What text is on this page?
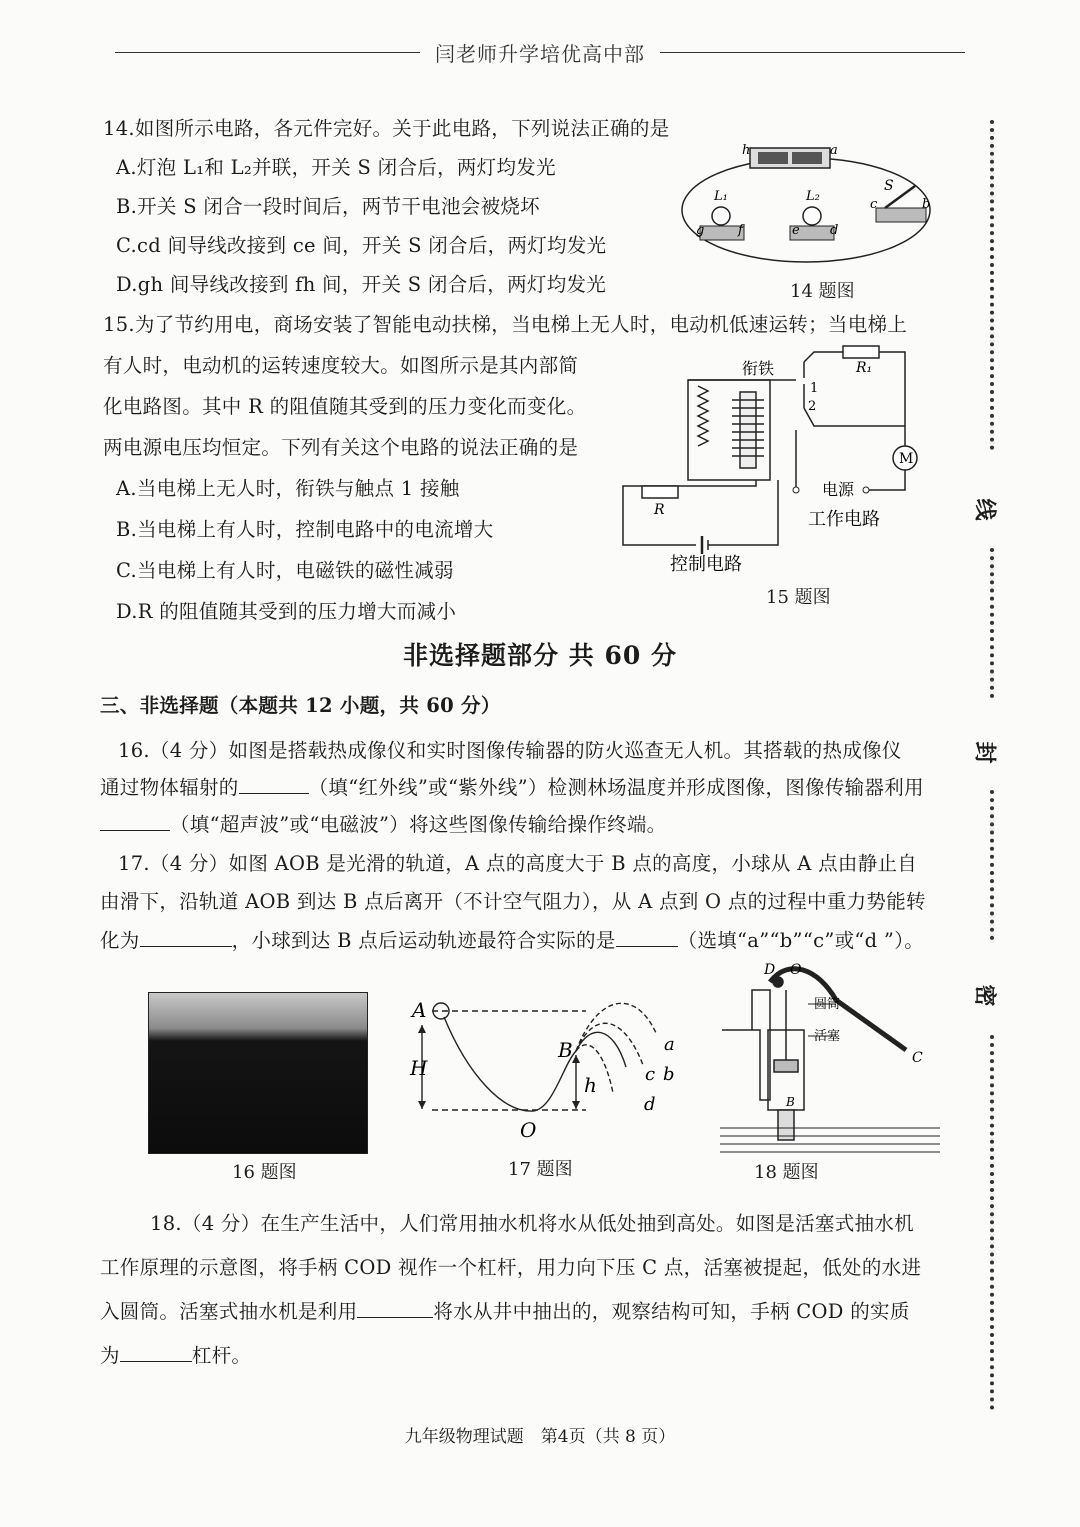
闫老师升学培优高中部
线
封
密
14.如图所示电路，各元件完好。关于此电路，下列说法正确的是
A.灯泡 L₁和 L₂并联，开关 S 闭合后，两灯均发光
B.开关 S 闭合一段时间后，两节干电池会被烧坏
C.cd 间导线改接到 ce 间，开关 S 闭合后，两灯均发光
D.gh 间导线改接到 fh 间，开关 S 闭合后，两灯均发光
h	a
L₁
g	f
L₂
e d
S
c	b
14 题图
15.为了节约用电，商场安装了智能电动扶梯，当电梯上无人时，电动机低速运转；当电梯上
有人时，电动机的运转速度较大。如图所示是其内部简
化电路图。其中 R 的阻值随其受到的压力变化而变化。
两电源电压均恒定。下列有关这个电路的说法正确的是
A.当电梯上无人时，衔铁与触点 1 接触
B.当电梯上有人时，控制电路中的电流增大
C.当电梯上有人时，电磁铁的磁性减弱
D.R 的阻值随其受到的压力增大而减小
衔铁	R₁
1
2
M
电源
工作电路
R
控制电路
15 题图
非选择题部分 共 60 分
三、非选择题（本题共 12 小题，共 60 分）
16.（4 分）如图是搭载热成像仪和实时图像传输器的防火巡查无人机。其搭载的热成像仪
通过物体辐射的	（填“红外线”或“紫外线”）检测林场温度并形成图像，图像传输器利用
（填“超声波”或“电磁波”）将这些图像传输给操作终端。
17.（4 分）如图 AOB 是光滑的轨道，A 点的高度大于 B 点的高度，小球从 A 点由静止自
由滑下，沿轨道 AOB 到达 B 点后离开（不计空气阻力），从 A 点到 O 点的过程中重力势能转
化为	，小球到达 B 点后运动轨迹最符合实际的是	（选填“a”“b”“c”或“d ”）。
16 题图
A
H
B
h
O
a
b
c
d
17 题图
D O
圆筒
活塞
C
B
18 题图
18.（4 分）在生产生活中，人们常用抽水机将水从低处抽到高处。如图是活塞式抽水机
工作原理的示意图，将手柄 COD 视作一个杠杆，用力向下压 C 点，活塞被提起，低处的水进
入圆筒。活塞式抽水机是利用	将水从井中抽出的，观察结构可知，手柄 COD 的实质
为	杠杆。
九年级物理试题　第4页（共 8 页）
